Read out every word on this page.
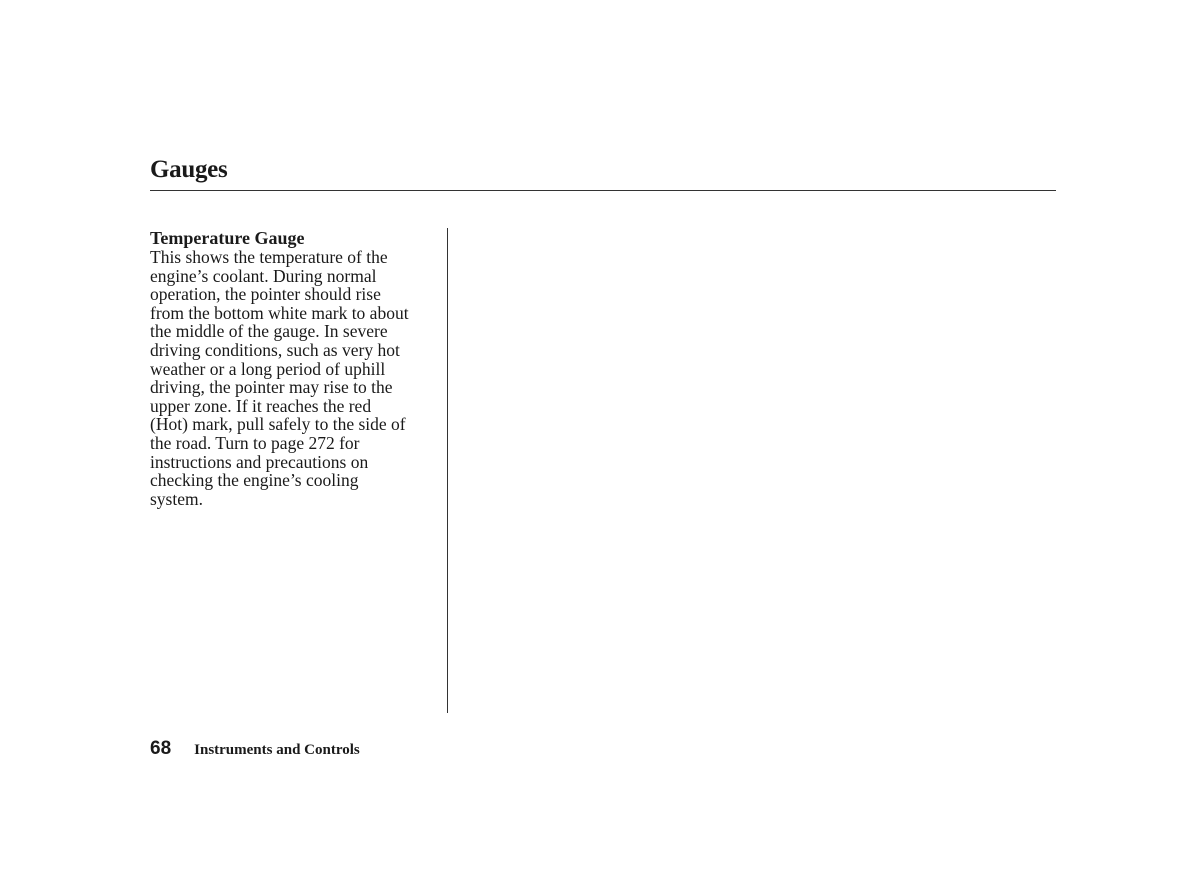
Gauges
Temperature Gauge

This shows the temperature of the
engine’s coolant. During normal
operation, the pointer should rise
from the bottom white mark to about
the middle of the gauge. In severe
driving conditions, such as very hot
weather or a long period of uphill
driving, the pointer may rise to the
upper zone. If it reaches the red
(Hot) mark, pull safely to the side of
the road. Turn to page 272 for
instructions and precautions on
checking the engine’s cooling
system.

68 Instruments and Controls
